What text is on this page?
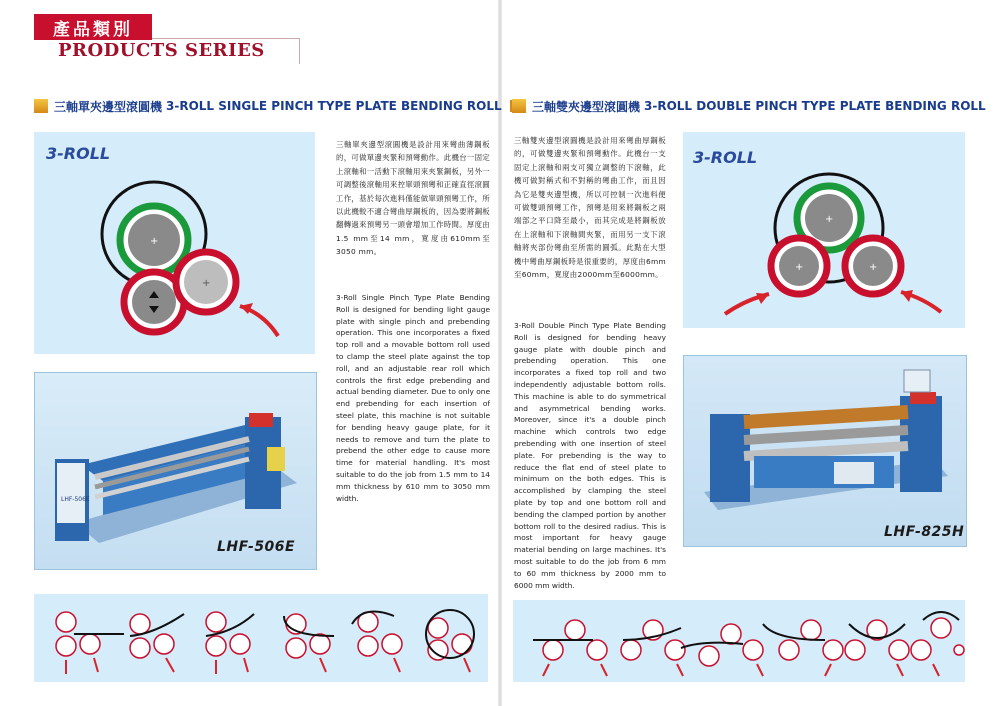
產品類別
PRODUCTS SERIES
三軸單夾邊型滾圓機 3-ROLL SINGLE PINCH TYPE PLATE BENDING ROLL	三軸雙夾邊型滾圓機 3-ROLL DOUBLE PINCH TYPE PLATE BENDING ROLL
3-ROLL
+
+
三軸單夾邊型滾圓機是設計用來彎曲薄鋼板的，可做單邊夾緊和預彎動作。此機台一固定上滾軸和一活動下滾軸用來夾緊鋼板，另外一可調整後滾軸用來控單頭預彎和正確直徑滾圓工作，基於每次進料僅能做單頭預彎工作，所以此機較不適合彎曲厚鋼板的，因為要將鋼板翻轉過來預彎另一頭會增加工作時間。厚度由1.5 mm至14 mm，寬度由610mm至3050 mm。
3-Roll Single Pinch Type Plate Bending Roll is designed for bending light gauge plate with single pinch and prebending operation. This one incorporates a fixed top roll and a movable bottom roll used to clamp the steel plate against the top roll, and an adjustable rear roll which controls the first edge prebending and actual bending diameter. Due to only one end prebending for each insertion of steel plate, this machine is not suitable for bending heavy gauge plate, for it needs to remove and turn the plate to prebend the other edge to cause more time for material handling. It's most suitable to do the job from 1.5 mm to 14 mm thickness by 610 mm to 3050 mm width.
LHF-506E
LHF-506E
三軸雙夾邊型滾圓機是設計用來彎曲厚鋼板的，可做雙邊夾緊和預彎動作。此機台一支固定上滾軸和兩支可獨立調整的下滾軸，此機可做對稱式和不對稱的彎曲工作，而且因為它是雙夾邊型機，所以可控制一次進料便可做雙頭預彎工作，預彎是用來將鋼板之兩端部之平口降至最小，而其完成是將鋼板放在上滾軸和下滾軸間夾緊，而用另一支下滾軸將夾部份彎曲至所需的圓弧。此點在大型機中彎曲厚鋼板時是很重要的，厚度由6mm至60mm，寬度由2000mm至6000mm。
3-Roll Double Pinch Type Plate Bending Roll is designed for bending heavy gauge plate with double pinch and prebending operation. This one incorporates a fixed top roll and two independently adjustable bottom rolls. This machine is able to do symmetrical and asymmetrical bending works. Moreover, since it's a double pinch machine which controls two edge prebending with one insertion of steel plate. For prebending is the way to reduce the flat end of steel plate to minimum on the both edges. This is accomplished by clamping the steel plate by top and one bottom roll and bending the clamped portion by another bottom roll to the desired radius. This is most important for heavy gauge material bending on large machines. It's most suitable to do the job from 6 mm to 60 mm thickness by 2000 mm to 6000 mm width.
3-ROLL
+
+	+
LHF-825H
